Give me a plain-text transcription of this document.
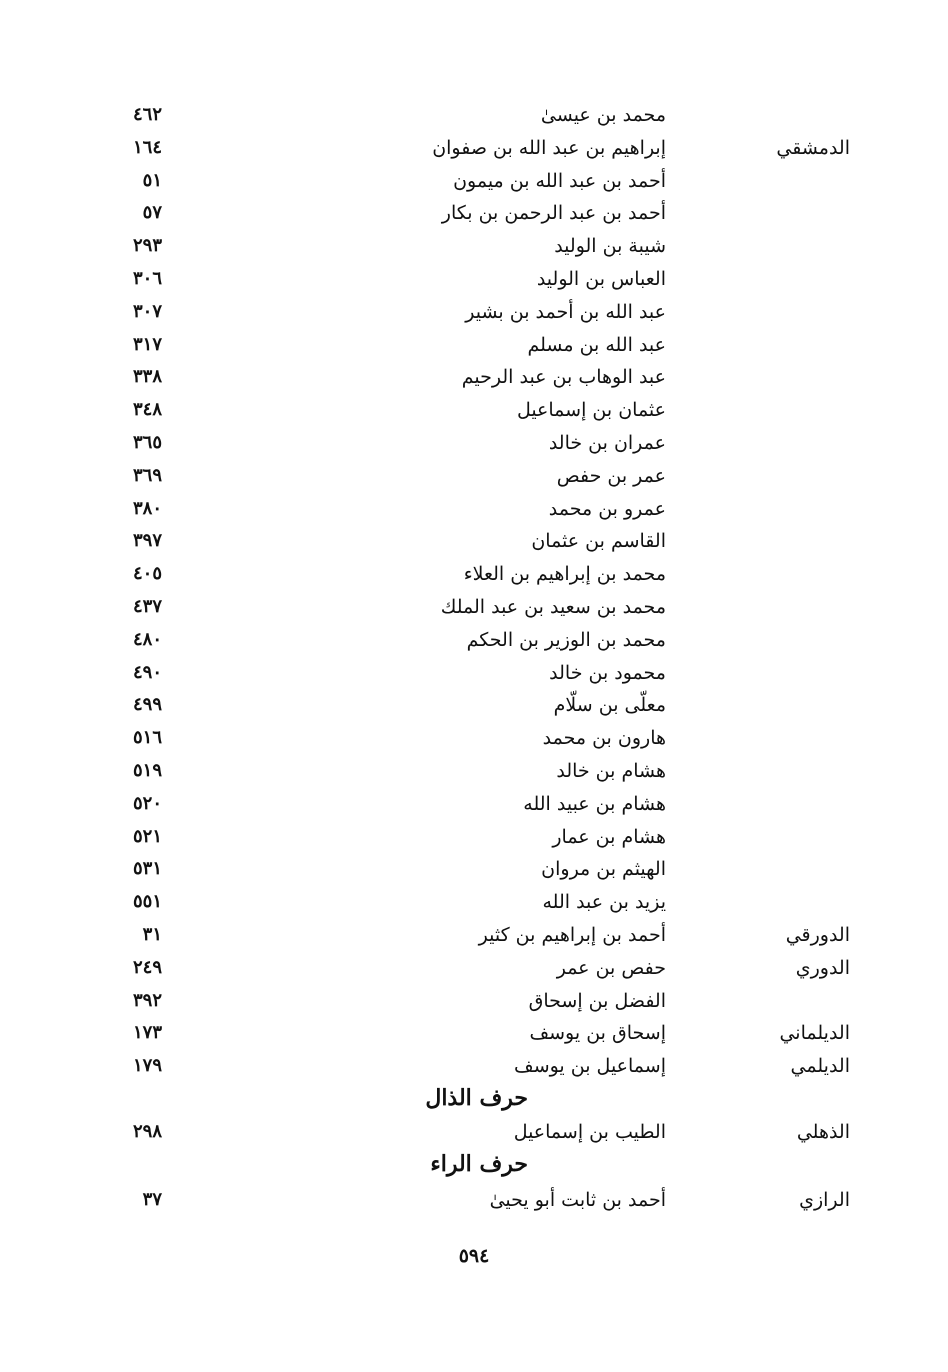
محمد بن عيسىٰ
٤٦٢
الدمشقي
إبراهيم بن عبد الله بن صفوان
١٦٤
أحمد بن عبد الله بن ميمون
٥١
أحمد بن عبد الرحمن بن بكار
٥٧
شيبة بن الوليد
٢٩٣
العباس بن الوليد
٣٠٦
عبد الله بن أحمد بن بشير
٣٠٧
عبد الله بن مسلم
٣١٧
عبد الوهاب بن عبد الرحيم
٣٣٨
عثمان بن إسماعيل
٣٤٨
عمران بن خالد
٣٦٥
عمر بن حفص
٣٦٩
عمرو بن محمد
٣٨٠
القاسم بن عثمان
٣٩٧
محمد بن إبراهيم بن العلاء
٤٠٥
محمد بن سعيد بن عبد الملك
٤٣٧
محمد بن الوزير بن الحكم
٤٨٠
محمود بن خالد
٤٩٠
معلّى بن سلّام
٤٩٩
هارون بن محمد
٥١٦
هشام بن خالد
٥١٩
هشام بن عبيد الله
٥٢٠
هشام بن عمار
٥٢١
الهيثم بن مروان
٥٣١
يزيد بن عبد الله
٥٥١
الدورقي
أحمد بن إبراهيم بن كثير
٣١
الدوري
حفص بن عمر
٢٤٩
الفضل بن إسحاق
٣٩٢
الديلماني
إسحاق بن يوسف
١٧٣
الديلمي
إسماعيل بن يوسف
١٧٩
حرف الذال
الذهلي
الطيب بن إسماعيل
٢٩٨
حرف الراء
الرازي
أحمد بن ثابت أبو يحيىٰ
٣٧
٥٩٤
